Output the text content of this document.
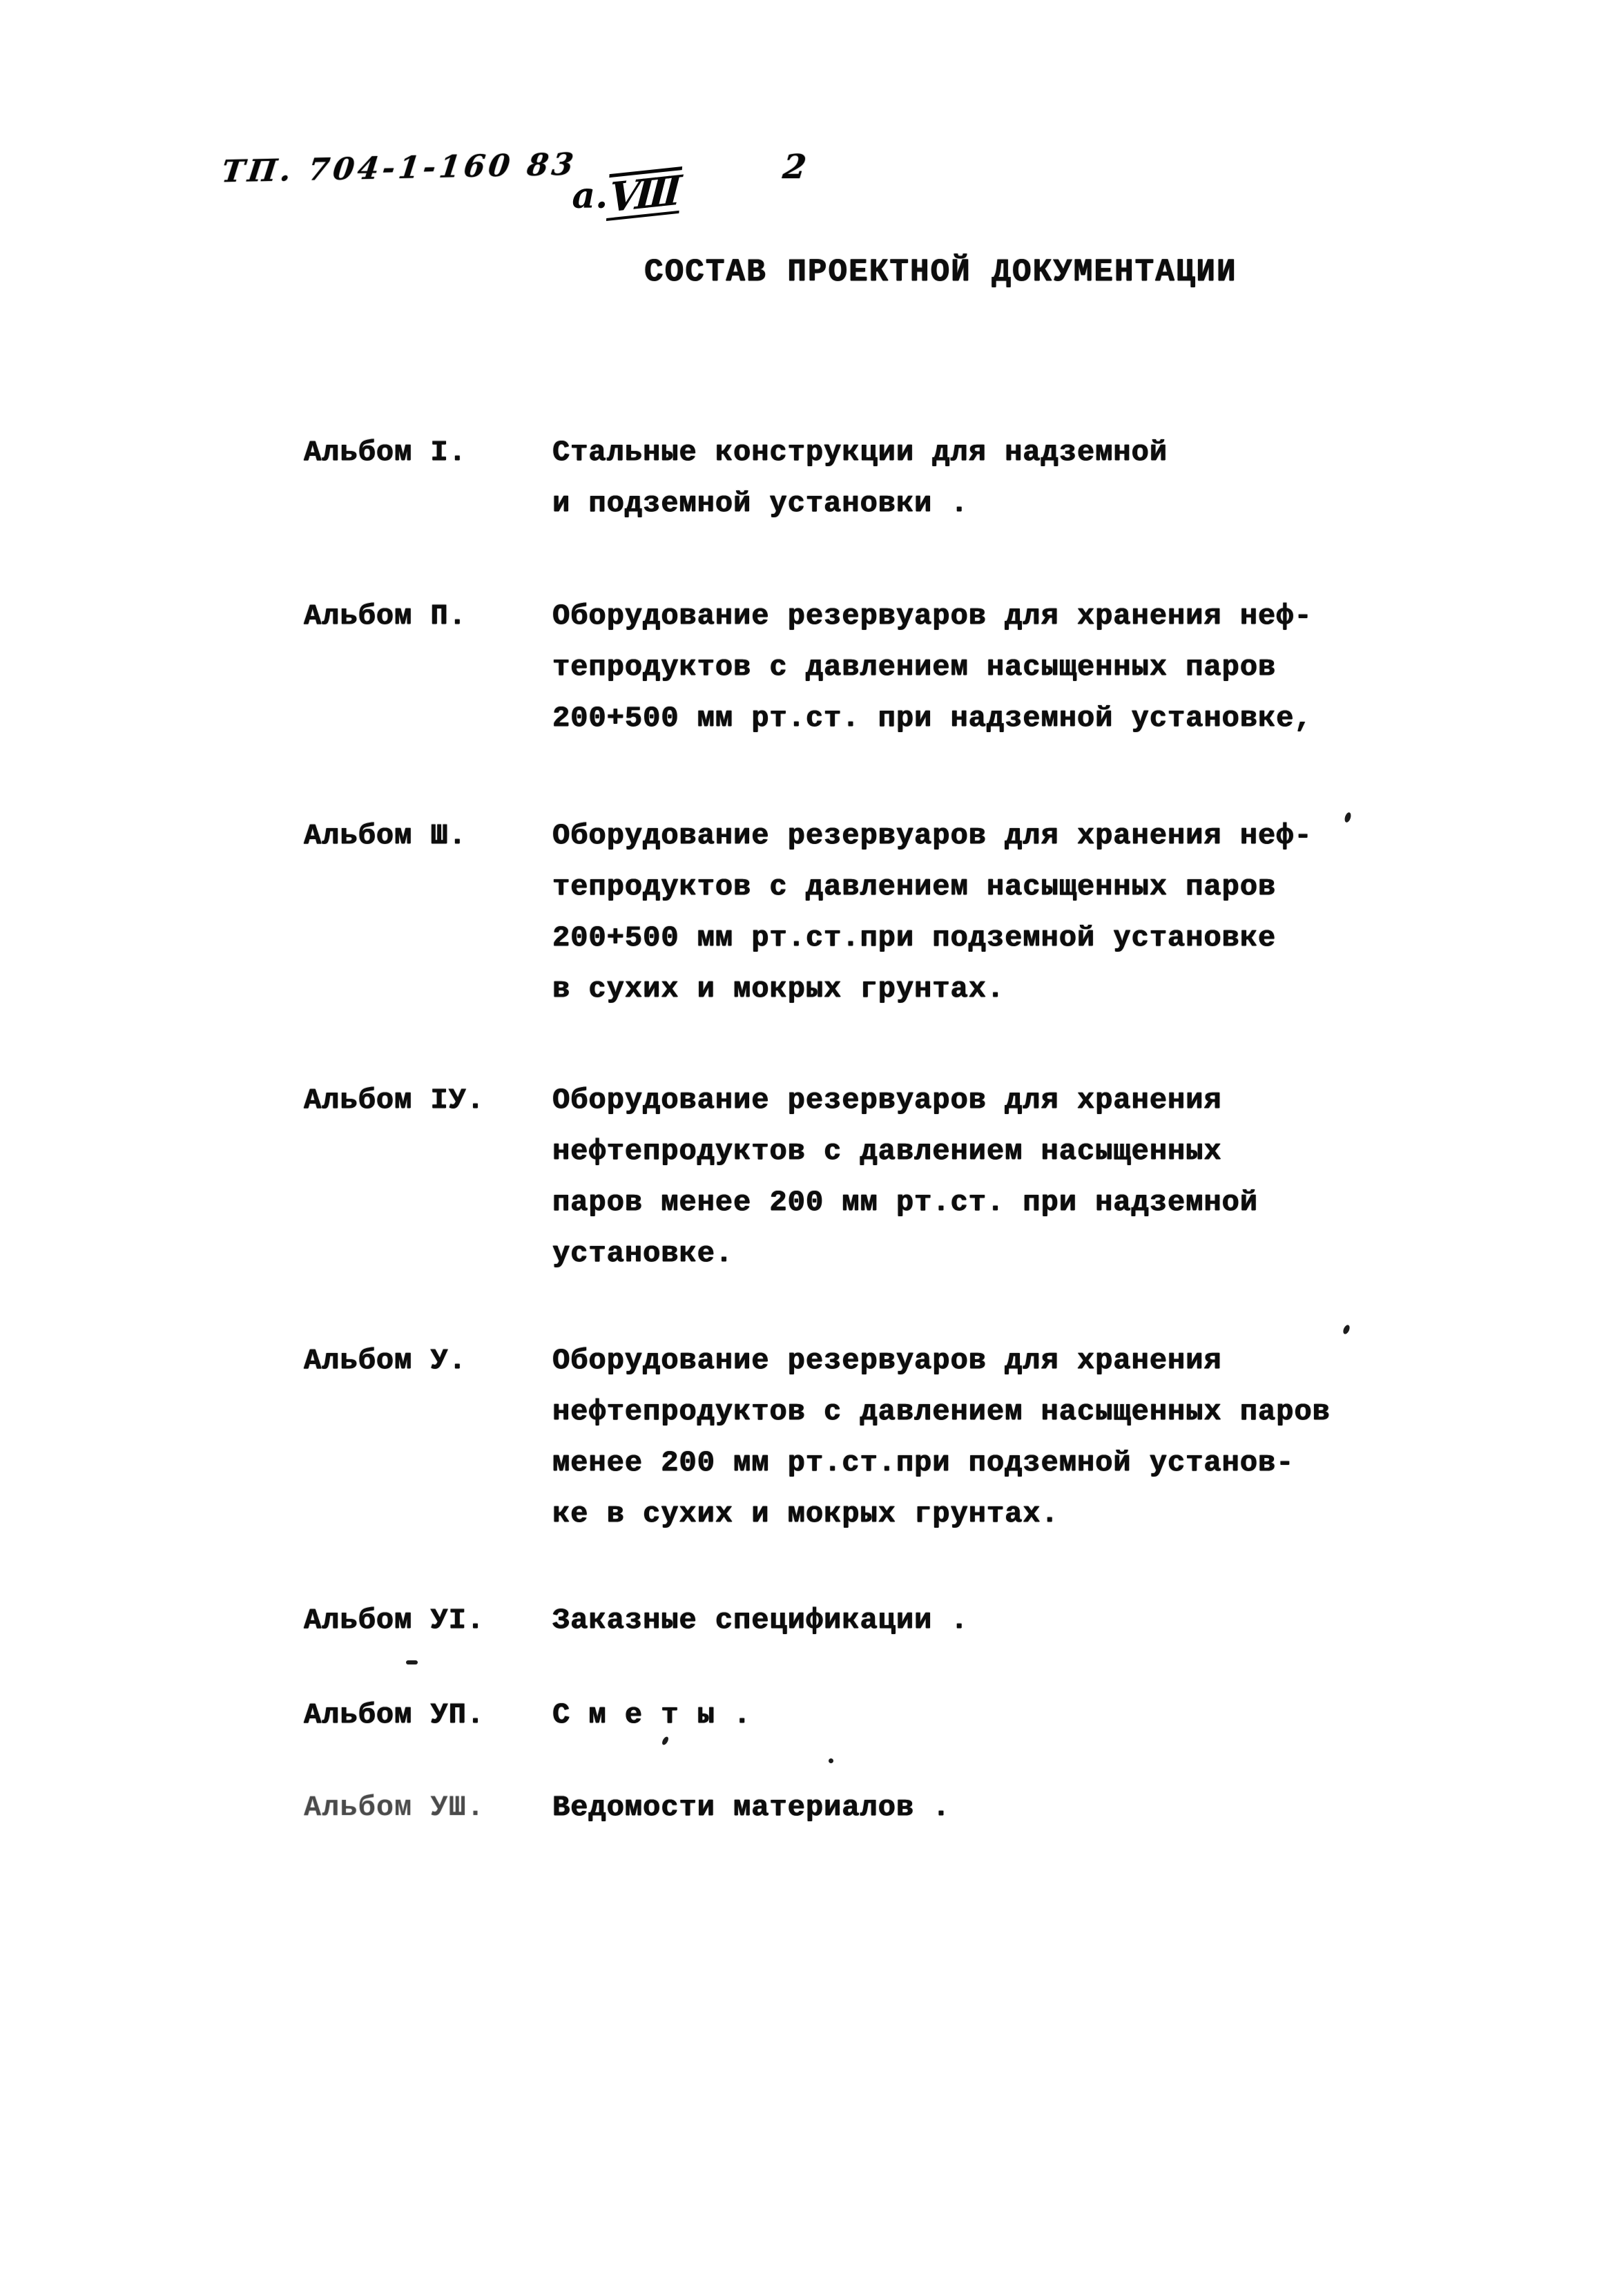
ТП. 704-1-160 83

а.VIII
	2
СОСТАВ ПРОЕКТНОЙ ДОКУМЕНТАЦИИ
Альбом I.	Стальные конструкции для надземной
и подземной установки .
Альбом П.	Оборудование резервуаров для хранения неф-
тепродуктов с давлением насыщенных паров
200+500 мм рт.ст. при надземной установке,
Альбом Ш.	Оборудование резервуаров для хранения неф-
тепродуктов с давлением насыщенных паров
200+500 мм рт.ст.при подземной установке
в сухих и мокрых грунтах.
Альбом IУ. Оборудование резервуаров для хранения
нефтепродуктов с давлением насыщенных
паров менее 200 мм рт.ст. при надземной
установке.
Альбом У.	Оборудование резервуаров для хранения
нефтепродуктов с давлением насыщенных паров
менее 200 мм рт.ст.при подземной установ-
ке в сухих и мокрых грунтах.
Альбом УI. Заказные спецификации .
Альбом УП. С м е т ы .
Альбом УШ. Ведомости материалов .
